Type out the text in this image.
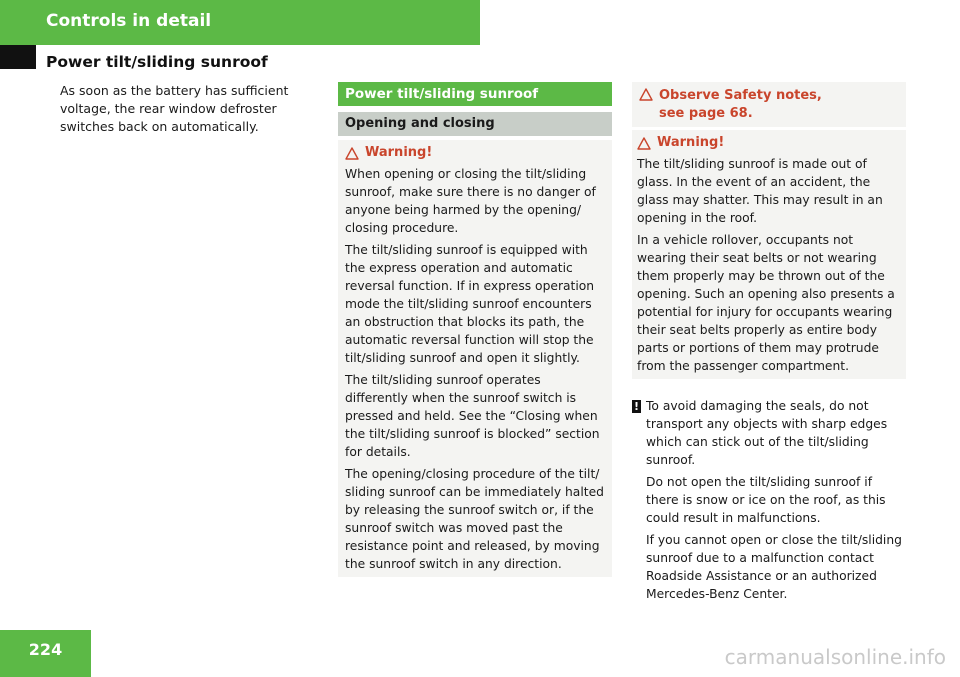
Controls in detail
Power tilt/sliding sunroof

As soon as the battery has sufficient voltage, the rear window defroster switches back on automatically.

Power tilt/sliding sunroof
Opening and closing
Warning!

When opening or closing the tilt/sliding sunroof, make sure there is no danger of anyone being harmed by the opening/ closing procedure.

The tilt/sliding sunroof is equipped with the express operation and automatic reversal function. If in express operation mode the tilt/sliding sunroof encounters an obstruction that blocks its path, the automatic reversal function will stop the tilt/sliding sunroof and open it slightly.

The tilt/sliding sunroof operates differently when the sunroof switch is pressed and held. See the “Closing when the tilt/sliding sunroof is blocked” section for details.

The opening/closing procedure of the tilt/ sliding sunroof can be immediately halted by releasing the sunroof switch or, if the sunroof switch was moved past the resistance point and released, by moving the sunroof switch in any direction.

Observe Safety notes, see page 68.
Warning!

The tilt/sliding sunroof is made out of glass. In the event of an accident, the glass may shatter. This may result in an opening in the roof.

In a vehicle rollover, occupants not wearing their seat belts or not wearing them properly may be thrown out of the opening. Such an opening also presents a potential for injury for occupants wearing their seat belts properly as entire body parts or portions of them may protrude from the passenger compartment.

! To avoid damaging the seals, do not transport any objects with sharp edges which can stick out of the tilt/sliding sunroof.

Do not open the tilt/sliding sunroof if there is snow or ice on the roof, as this could result in malfunctions.

If you cannot open or close the tilt/sliding sunroof due to a malfunction contact Roadside Assistance or an authorized Mercedes-Benz Center.

224	carmanualsonline.info
